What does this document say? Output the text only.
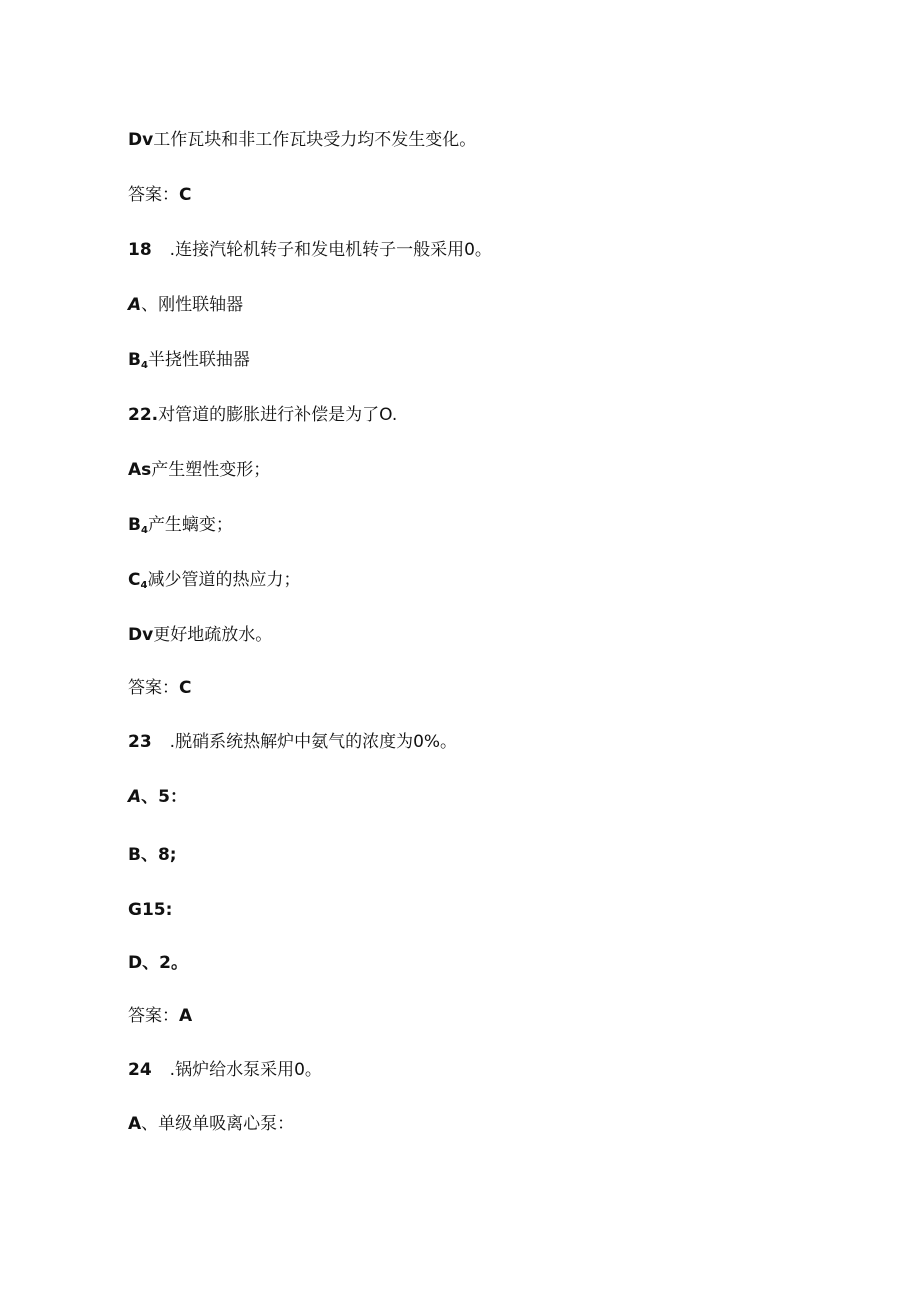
Dv工作瓦块和非工作瓦块受力均不发生变化。
答案：C
18 .连接汽轮机转子和发电机转子一般采用0。
A、刚性联轴器
$B_4$半挠性联抽器
22.对管道的膨胀进行补偿是为了O.
As产生塑性变形；
$B_4$产生螭变；
$C_4$减少管道的热应力；
Dv更好地疏放水。
答案：C
23 .脱硝系统热解炉中氨气的浓度为0%。
A、5：
B、8;
G15:
D、2。
答案：A
24 .锅炉给水泵采用0。
A、单级单吸离心泵：
